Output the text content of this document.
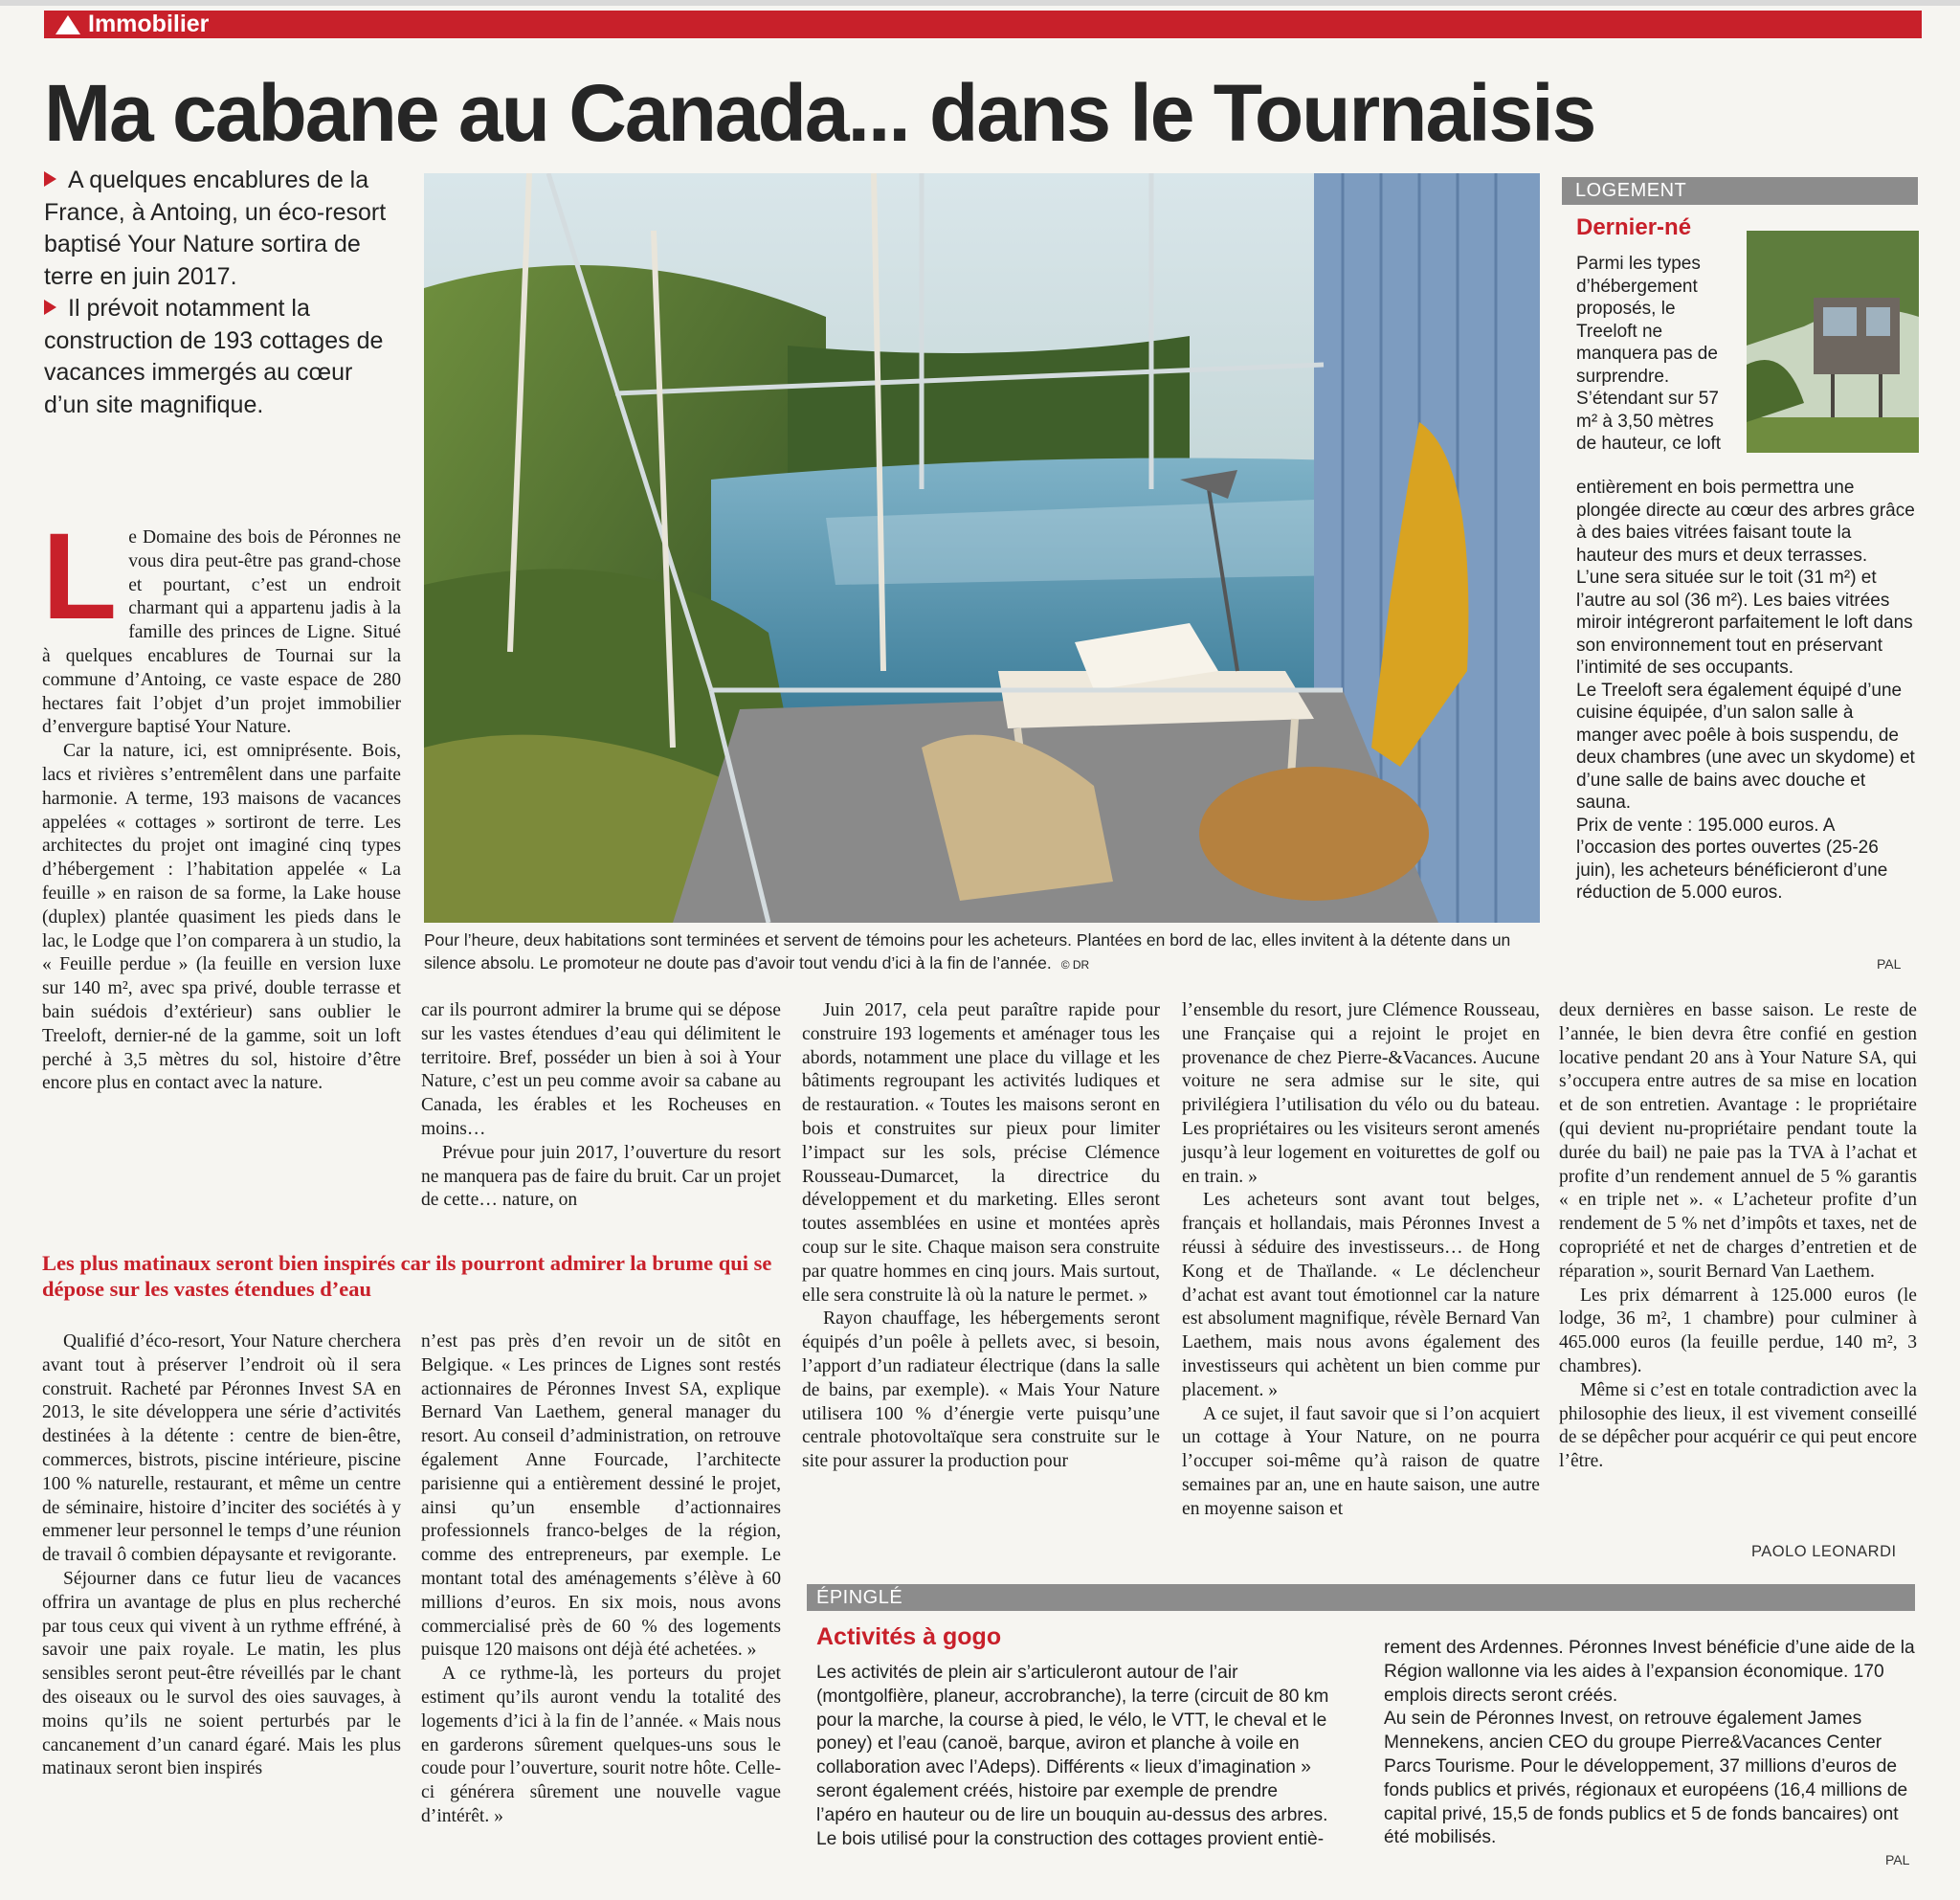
Immobilier
Ma cabane au Canada... dans le Tournaisis

A quelques encablures de la France, à Antoing, un éco-resort baptisé Your Nature sortira de terre en juin 2017.

Il prévoit notamment la construction de 193 cottages de vacances immergés au cœur d’un site magnifique.

Le Domaine des bois de Péronnes ne vous dira peut-être pas grand-chose et pourtant, c’est un endroit charmant qui a appartenu jadis à la famille des princes de Ligne. Situé à quelques encablures de Tournai sur la commune d’Antoing, ce vaste espace de 280 hectares fait l’objet d’un projet immobilier d’envergure baptisé Your Nature.

Car la nature, ici, est omniprésente. Bois, lacs et rivières s’entremêlent dans une parfaite harmonie. A terme, 193 maisons de vacances appelées « cottages » sortiront de terre. Les architectes du projet ont imaginé cinq types d’hébergement : l’habitation appelée « La feuille » en raison de sa forme, la Lake house (duplex) plantée quasiment les pieds dans le lac, le Lodge que l’on comparera à un studio, la « Feuille perdue » (la feuille en version luxe sur 140 m², avec spa privé, double terrasse et bain suédois d’extérieur) sans oublier le Treeloft, dernier-né de la gamme, soit un loft perché à 3,5 mètres du sol, histoire d’être encore plus en contact avec la nature.

Pour l’heure, deux habitations sont terminées et servent de témoins pour les acheteurs. Plantées en bord de lac, elles invitent à la détente dans un silence absolu. Le promoteur ne doute pas d’avoir tout vendu d’ici à la fin de l’année. © DR
LOGEMENT
Dernier-né
Parmi les types d’hébergement proposés, le Treeloft ne manquera pas de surprendre. S’étendant sur 57 m² à 3,50 mètres de hauteur, ce loft

entièrement en bois permettra une plongée directe au cœur des arbres grâce à des baies vitrées faisant toute la hauteur des murs et deux terrasses. L’une sera située sur le toit (31 m²) et l’autre au sol (36 m²). Les baies vitrées miroir intégreront parfaitement le loft dans son environnement tout en préservant l’intimité de ses occupants.

Le Treeloft sera également équipé d’une cuisine équipée, d’un salon salle à manger avec poêle à bois suspendu, de deux chambres (une avec un skydome) et d’une salle de bains avec douche et sauna.

Prix de vente : 195.000 euros. A l’occasion des portes ouvertes (25-26 juin), les acheteurs bénéficieront d’une réduction de 5.000 euros.

PAL

car ils pourront admirer la brume qui se dépose sur les vastes étendues d’eau qui délimitent le territoire. Bref, posséder un bien à soi à Your Nature, c’est un peu comme avoir sa cabane au Canada, les érables et les Rocheuses en moins…

Prévue pour juin 2017, l’ouverture du resort ne manquera pas de faire du bruit. Car un projet de cette… nature, on

Les plus matinaux seront bien inspirés car ils pourront admirer la brume qui se dépose sur les vastes étendues d’eau

Qualifié d’éco-resort, Your Nature cherchera avant tout à préserver l’endroit où il sera construit. Racheté par Péronnes Invest SA en 2013, le site développera une série d’activités destinées à la détente : centre de bien-être, commerces, bistrots, piscine intérieure, piscine 100 % naturelle, restaurant, et même un centre de séminaire, histoire d’inciter des sociétés à y emmener leur personnel le temps d’une réunion de travail ô combien dépaysante et revigorante.

Séjourner dans ce futur lieu de vacances offrira un avantage de plus en plus recherché par tous ceux qui vivent à un rythme effréné, à savoir une paix royale. Le matin, les plus sensibles seront peut-être réveillés par le chant des oiseaux ou le survol des oies sauvages, à moins qu’ils ne soient perturbés par le cancanement d’un canard égaré. Mais les plus matinaux seront bien inspirés

n’est pas près d’en revoir un de sitôt en Belgique. « Les princes de Lignes sont restés actionnaires de Péronnes Invest SA, explique Bernard Van Laethem, general manager du resort. Au conseil d’administration, on retrouve également Anne Fourcade, l’architecte parisienne qui a entièrement dessiné le projet, ainsi qu’un ensemble d’actionnaires professionnels franco-belges de la région, comme des entrepreneurs, par exemple. Le montant total des aménagements s’élève à 60 millions d’euros. En six mois, nous avons commercialisé près de 60 % des logements puisque 120 maisons ont déjà été achetées. »

A ce rythme-là, les porteurs du projet estiment qu’ils auront vendu la totalité des logements d’ici à la fin de l’année. « Mais nous en garderons sûrement quelques-uns sous le coude pour l’ouverture, sourit notre hôte. Celle-ci générera sûrement une nouvelle vague d’intérêt. »

Juin 2017, cela peut paraître rapide pour construire 193 logements et aménager tous les abords, notamment une place du village et les bâtiments regroupant les activités ludiques et de restauration. « Toutes les maisons seront en bois et construites sur pieux pour limiter l’impact sur les sols, précise Clémence Rousseau-Dumarcet, la directrice du développement et du marketing. Elles seront toutes assemblées en usine et montées après coup sur le site. Chaque maison sera construite par quatre hommes en cinq jours. Mais surtout, elle sera construite là où la nature le permet. »

Rayon chauffage, les hébergements seront équipés d’un poêle à pellets avec, si besoin, l’apport d’un radiateur électrique (dans la salle de bains, par exemple). « Mais Your Nature utilisera 100 % d’énergie verte puisqu’une centrale photovoltaïque sera construite sur le site pour assurer la production pour

l’ensemble du resort, jure Clémence Rousseau, une Française qui a rejoint le projet en provenance de chez Pierre-&Vacances. Aucune voiture ne sera admise sur le site, qui privilégiera l’utilisation du vélo ou du bateau. Les propriétaires ou les visiteurs seront amenés jusqu’à leur logement en voiturettes de golf ou en train. »

Les acheteurs sont avant tout belges, français et hollandais, mais Péronnes Invest a réussi à séduire des investisseurs… de Hong Kong et de Thaïlande. « Le déclencheur d’achat est avant tout émotionnel car la nature est absolument magnifique, révèle Bernard Van Laethem, mais nous avons également des investisseurs qui achètent un bien comme pur placement. »

A ce sujet, il faut savoir que si l’on acquiert un cottage à Your Nature, on ne pourra l’occuper soi-même qu’à raison de quatre semaines par an, une en haute saison, une autre en moyenne saison et

deux dernières en basse saison. Le reste de l’année, le bien devra être confié en gestion locative pendant 20 ans à Your Nature SA, qui s’occupera entre autres de sa mise en location et de son entretien. Avantage : le propriétaire (qui devient nu-propriétaire pendant toute la durée du bail) ne paie pas la TVA à l’achat et profite d’un rendement annuel de 5 % garantis « en triple net ». « L’acheteur profite d’un rendement de 5 % net d’impôts et taxes, net de copropriété et net de charges d’entretien et de réparation », sourit Bernard Van Laethem.

Les prix démarrent à 125.000 euros (le lodge, 36 m², 1 chambre) pour culminer à 465.000 euros (la feuille perdue, 140 m², 3 chambres).

Même si c’est en totale contradiction avec la philosophie des lieux, il est vivement conseillé de se dépêcher pour acquérir ce qui peut encore l’être.

PAOLO LEONARDI
ÉPINGLÉ
Activités à gogo
Les activités de plein air s’articuleront autour de l’air (montgolfière, planeur, accrobranche), la terre (circuit de 80 km pour la marche, la course à pied, le vélo, le VTT, le cheval et le poney) et l’eau (canoë, barque, aviron et planche à voile en collaboration avec l’Adeps). Différents « lieux d’imagination » seront également créés, histoire par exemple de prendre l’apéro en hauteur ou de lire un bouquin au-dessus des arbres. Le bois utilisé pour la construction des cottages provient entiè-

rement des Ardennes. Péronnes Invest bénéficie d’une aide de la Région wallonne via les aides à l’expansion économique. 170 emplois directs seront créés.

Au sein de Péronnes Invest, on retrouve également James Mennekens, ancien CEO du groupe Pierre&Vacances Center Parcs Tourisme. Pour le développement, 37 millions d’euros de fonds publics et privés, régionaux et européens (16,4 millions de capital privé, 15,5 de fonds publics et 5 de fonds bancaires) ont été mobilisés.

PAL
